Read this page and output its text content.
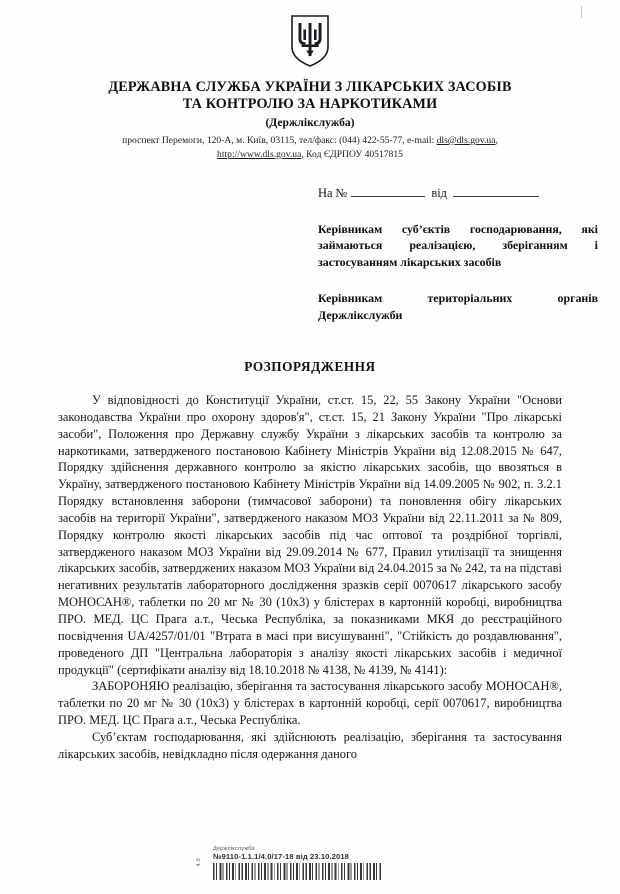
ДЕРЖАВНА СЛУЖБА УКРАЇНИ З ЛІКАРСЬКИХ ЗАСОБІВ
ТА КОНТРОЛЮ ЗА НАРКОТИКАМИ
(Держлікслужба)
проспект Перемоги, 120-А, м. Київ, 03115, тел/факс: (044) 422-55-77, e-mail: dls@dls.gov.ua,
http://www.dls.gov.ua, Код ЄДРПОУ 40517815
На №	від
Керівникам суб’єктів господарювання, які займаються реалізацією, зберіганням і застосуванням лікарських засобів
Керівникам територіальних органів Держлікслужби
РОЗПОРЯДЖЕННЯ

У відповідності до Конституції України, ст.ст. 15, 22, 55 Закону України "Основи законодавства України про охорону здоров'я", ст.ст. 15, 21 Закону України "Про лікарські засоби", Положення про Державну службу України з лікарських засобів та контролю за наркотиками, затвердженого постановою Кабінету Міністрів України від 12.08.2015 № 647, Порядку здійснення державного контролю за якістю лікарських засобів, що ввозяться в Україну, затвердженого постановою Кабінету Міністрів України від 14.09.2005 № 902, п. 3.2.1 Порядку встановлення заборони (тимчасової заборони) та поновлення обігу лікарських засобів на території України", затвердженого наказом МОЗ України від 22.11.2011 за № 809, Порядку контролю якості лікарських засобів під час оптової та роздрібної торгівлі, затвердженого наказом МОЗ України від 29.09.2014 № 677, Правил утилізації та знищення лікарських засобів, затверджених наказом МОЗ України від 24.04.2015 за № 242, та на підставі негативних результатів лабораторного дослідження зразків серії 0070617 лікарського засобу МОНОСАН®, таблетки по 20 мг № 30 (10х3) у блістерах в картонній коробці, виробництва ПРО. МЕД. ЦС Прага а.т., Чеська Республіка, за показниками МКЯ до реєстраційного посвідчення UA/4257/01/01 "Втрата в масі при висушуванні", "Стійкість до роздавлювання", проведеного ДП "Центральна лабораторія з аналізу якості лікарських засобів і медичної продукції" (сертифікати аналізу від 18.10.2018 № 4138, № 4139, № 4141):

ЗАБОРОНЯЮ реалізацію, зберігання та застосування лікарського засобу МОНОСАН®, таблетки по 20 мг № 30 (10х3) у блістерах в картонній коробці, серії 0070617, виробництва ПРО. МЕД. ЦС Прага а.т., Чеська Республіка.

Суб’єктам господарювання, які здійснюють реалізацію, зберігання та застосування лікарських засобів, невідкладно після одержання даного

4.0
Держлікслужба
№9110-1.1.1/4.0/17-18 від 23.10.2018
